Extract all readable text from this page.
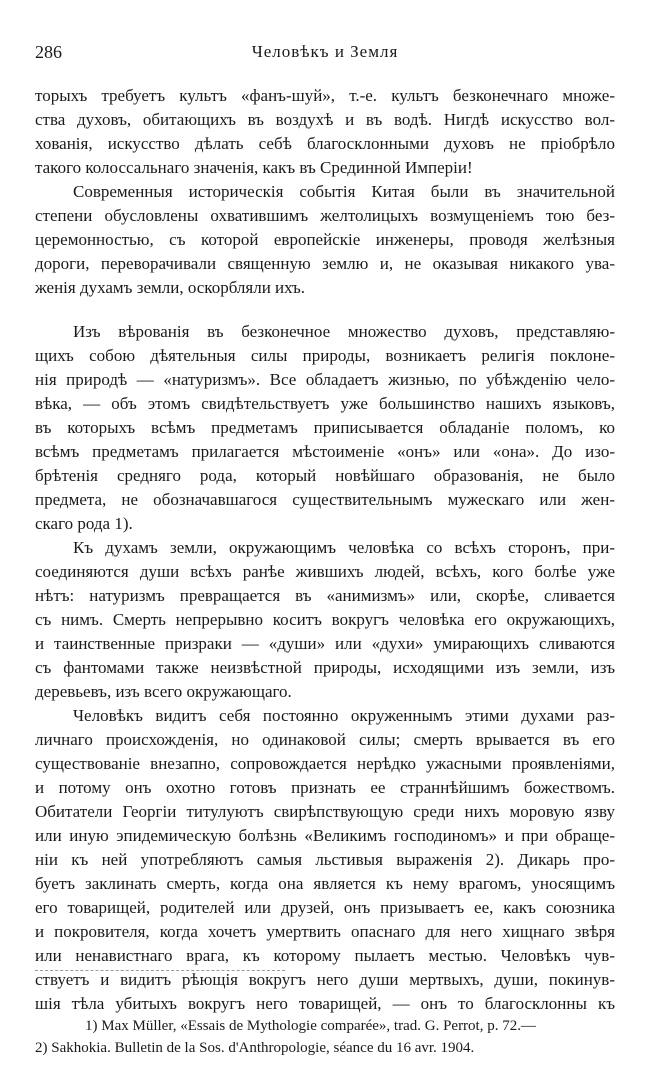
286	Человѣкъ и Земля
торыхъ требуетъ культъ «фанъ-шуй», т.-е. культъ безконечнаго множе-
ства духовъ, обитающихъ въ воздухѣ и въ водѣ. Нигдѣ искусство вол-
хованія, искусство дѣлать себѣ благосклонными духовъ не пріобрѣло
такого колоссальнаго значенія, какъ въ Срединной Имперіи!
Современныя историческія событія Китая были въ значительной
степени обусловлены охватившимъ желтолицыхъ возмущеніемъ тою без-
церемонностью, съ которой европейскіе инженеры, проводя желѣзныя
дороги, переворачивали священную землю и, не оказывая никакого ува-
женія духамъ земли, оскорбляли ихъ.
Изъ вѣрованія въ безконечное множество духовъ, представляю-
щихъ собою дѣятельныя силы природы, возникаетъ религія поклоне-
нія природѣ — «натуризмъ». Все обладаетъ жизнью, по убѣжденію чело-
вѣка, — объ этомъ свидѣтельствуетъ уже большинство нашихъ языковъ,
въ которыхъ всѣмъ предметамъ приписывается обладаніе поломъ, ко
всѣмъ предметамъ прилагается мѣстоименіе «онъ» или «она». До изо-
брѣтенія средняго рода, который новѣйшаго образованія, не было
предмета, не обозначавшагося существительнымъ мужескаго или жен-
скаго рода 1).
Къ духамъ земли, окружающимъ человѣка со всѣхъ сторонъ, при-
соединяются души всѣхъ ранѣе жившихъ людей, всѣхъ, кого болѣе уже
нѣтъ: натуризмъ превращается въ «анимизмъ» или, скорѣе, сливается
съ нимъ. Смерть непрерывно коситъ вокругъ человѣка его окружающихъ,
и таинственные призраки — «души» или «духи» умирающихъ сливаются
съ фантомами также неизвѣстной природы, исходящими изъ земли, изъ
деревьевъ, изъ всего окружающаго.
Человѣкъ видитъ себя постоянно окруженнымъ этими духами раз-
личнаго происхожденія, но одинаковой силы; смерть врывается въ его
существованіе внезапно, сопровождается нерѣдко ужасными проявленіями,
и потому онъ охотно готовъ признать ее страннѣйшимъ божествомъ.
Обитатели Георгіи титулуютъ свирѣпствующую среди нихъ моровую язву
или иную эпидемическую болѣзнь «Великимъ господиномъ» и при обраще-
ніи къ ней употребляютъ самыя льстивыя выраженія 2). Дикарь про-
буетъ заклинать смерть, когда она является къ нему врагомъ, уносящимъ
его товарищей, родителей или друзей, онъ призываетъ ее, какъ союзника
и покровителя, когда хочетъ умертвить опаснаго для него хищнаго звѣря
или ненавистнаго врага, къ которому пылаетъ местью. Человѣкъ чув-
ствуетъ и видитъ рѣющія вокругъ него души мертвыхъ, души, покинув-
шія тѣла убитыхъ вокругъ него товарищей, — онъ то благосклонны къ
1) Max Müller, «Essais de Mythologie comparée», trad. G. Perrot, p. 72.—
2) Sakhokia. Bulletin de la Sos. d'Anthropologie, séance du 16 avr. 1904.
